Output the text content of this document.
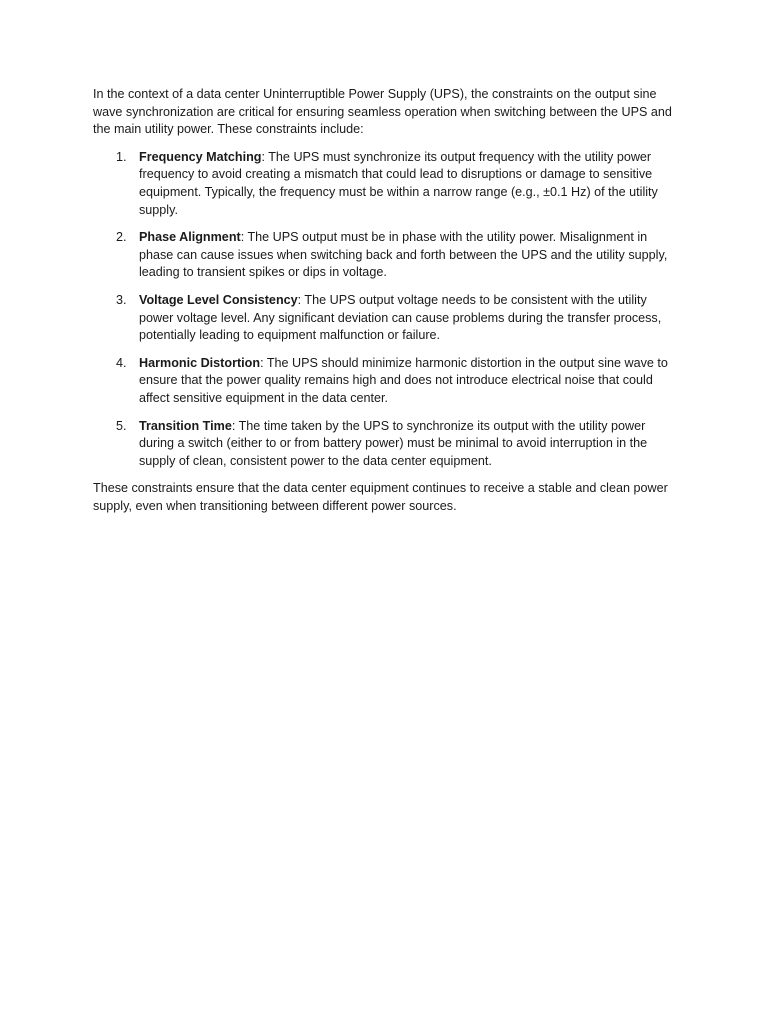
In the context of a data center Uninterruptible Power Supply (UPS), the constraints on the output sine wave synchronization are critical for ensuring seamless operation when switching between the UPS and the main utility power. These constraints include:

1. Frequency Matching: The UPS must synchronize its output frequency with the utility power frequency to avoid creating a mismatch that could lead to disruptions or damage to sensitive equipment. Typically, the frequency must be within a narrow range (e.g., ±0.1 Hz) of the utility supply.
2. Phase Alignment: The UPS output must be in phase with the utility power. Misalignment in phase can cause issues when switching back and forth between the UPS and the utility supply, leading to transient spikes or dips in voltage.
3. Voltage Level Consistency: The UPS output voltage needs to be consistent with the utility power voltage level. Any significant deviation can cause problems during the transfer process, potentially leading to equipment malfunction or failure.
4. Harmonic Distortion: The UPS should minimize harmonic distortion in the output sine wave to ensure that the power quality remains high and does not introduce electrical noise that could affect sensitive equipment in the data center.
5. Transition Time: The time taken by the UPS to synchronize its output with the utility power during a switch (either to or from battery power) must be minimal to avoid interruption in the supply of clean, consistent power to the data center equipment.

These constraints ensure that the data center equipment continues to receive a stable and clean power supply, even when transitioning between different power sources.
